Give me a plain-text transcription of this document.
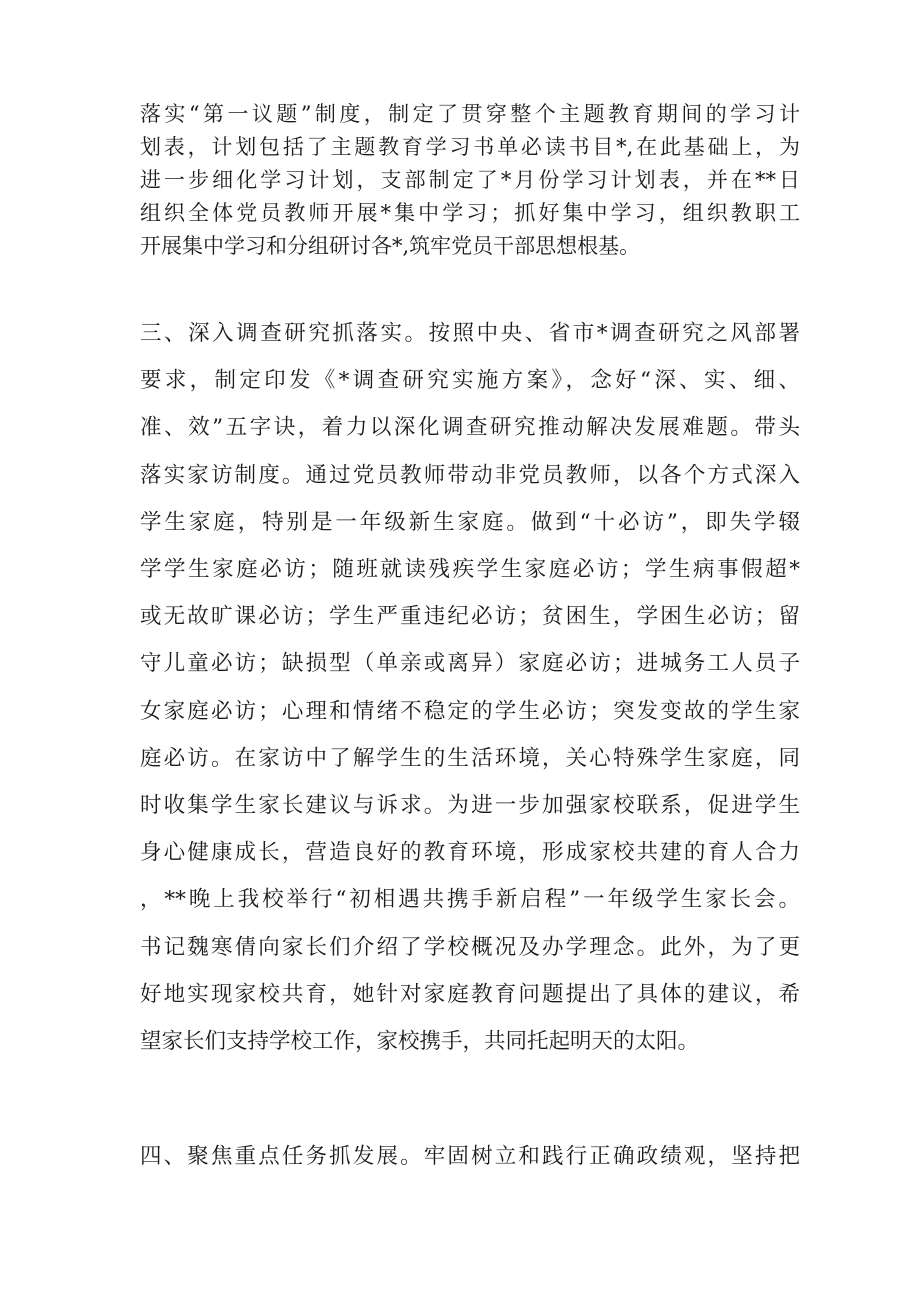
落实“第一议题”制度，制定了贯穿整个主题教育期间的学习计
划表，计划包括了主题教育学习书单必读书目*,在此基础上，为
进一步细化学习计划，支部制定了*月份学习计划表，并在**日
组织全体党员教师开展*集中学习；抓好集中学习，组织教职工
开展集中学习和分组研讨各*,筑牢党员干部思想根基。
三、深入调查研究抓落实。按照中央、省市*调查研究之风部署
要求，制定印发《*调查研究实施方案》，念好“深、实、细、
准、效”五字诀，着力以深化调查研究推动解决发展难题。带头
落实家访制度。通过党员教师带动非党员教师，以各个方式深入
学生家庭，特别是一年级新生家庭。做到“十必访”，即失学辍
学学生家庭必访；随班就读残疾学生家庭必访；学生病事假超*
或无故旷课必访；学生严重违纪必访；贫困生，学困生必访；留
守儿童必访；缺损型（单亲或离异）家庭必访；进城务工人员子
女家庭必访；心理和情绪不稳定的学生必访；突发变故的学生家
庭必访。在家访中了解学生的生活环境，关心特殊学生家庭，同
时收集学生家长建议与诉求。为进一步加强家校联系，促进学生
身心健康成长，营造良好的教育环境，形成家校共建的育人合力
，**晚上我校举行“初相遇共携手新启程”一年级学生家长会。
书记魏寒倩向家长们介绍了学校概况及办学理念。此外，为了更
好地实现家校共育，她针对家庭教育问题提出了具体的建议，希
望家长们支持学校工作，家校携手，共同托起明天的太阳。
四、聚焦重点任务抓发展。牢固树立和践行正确政绩观，坚持把
